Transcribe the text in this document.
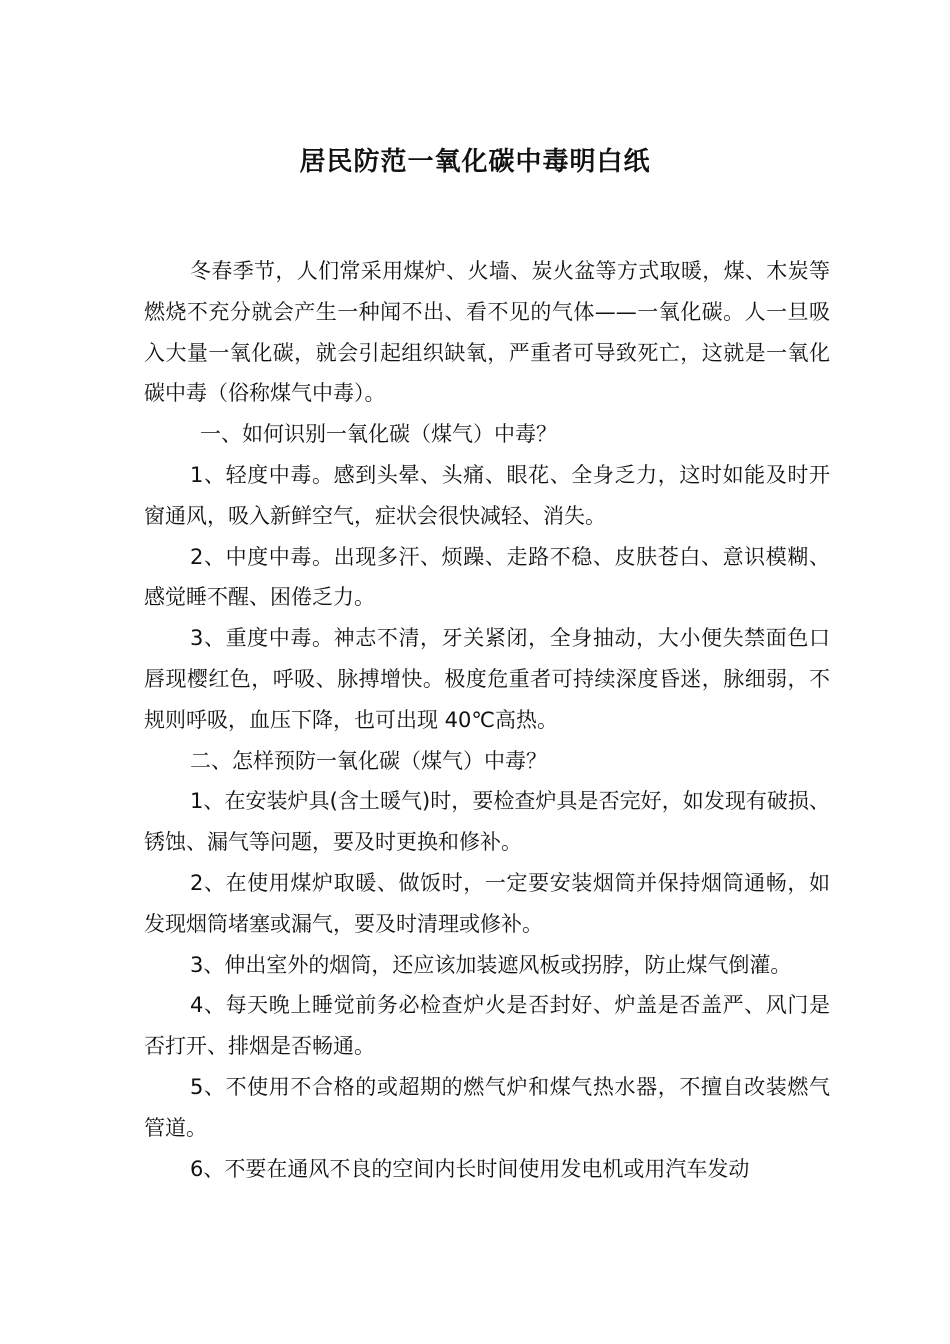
居民防范一氧化碳中毒明白纸

冬春季节，人们常采用煤炉、火墙、炭火盆等方式取暖，煤、木炭等燃烧不充分就会产生一种闻不出、看不见的气体——一氧化碳。人一旦吸入大量一氧化碳，就会引起组织缺氧，严重者可导致死亡，这就是一氧化碳中毒（俗称煤气中毒）。

一、如何识别一氧化碳（煤气）中毒？

1、轻度中毒。感到头晕、头痛、眼花、全身乏力，这时如能及时开窗通风，吸入新鲜空气，症状会很快减轻、消失。

2、中度中毒。出现多汗、烦躁、走路不稳、皮肤苍白、意识模糊、感觉睡不醒、困倦乏力。

3、重度中毒。神志不清，牙关紧闭，全身抽动，大小便失禁面色口唇现樱红色，呼吸、脉搏增快。极度危重者可持续深度昏迷，脉细弱，不规则呼吸，血压下降，也可出现 40℃高热。

二、怎样预防一氧化碳（煤气）中毒？

1、在安装炉具(含土暖气)时，要检查炉具是否完好，如发现有破损、锈蚀、漏气等问题，要及时更换和修补。

2、在使用煤炉取暖、做饭时，一定要安装烟筒并保持烟筒通畅，如发现烟筒堵塞或漏气，要及时清理或修补。

3、伸出室外的烟筒，还应该加装遮风板或拐脖，防止煤气倒灌。

4、每天晚上睡觉前务必检查炉火是否封好、炉盖是否盖严、风门是否打开、排烟是否畅通。

5、不使用不合格的或超期的燃气炉和煤气热水器，不擅自改装燃气管道。

6、不要在通风不良的空间内长时间使用发电机或用汽车发动
